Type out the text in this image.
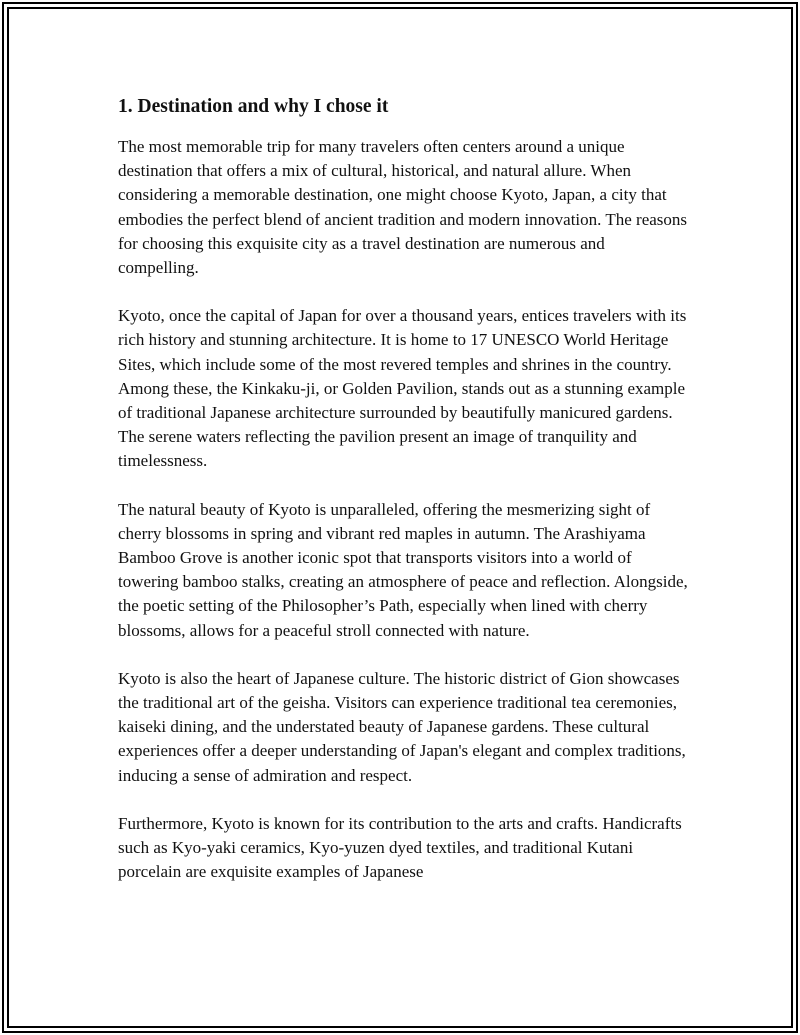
1. Destination and why I chose it

The most memorable trip for many travelers often centers around a unique destination that offers a mix of cultural, historical, and natural allure. When considering a memorable destination, one might choose Kyoto, Japan, a city that embodies the perfect blend of ancient tradition and modern innovation. The reasons for choosing this exquisite city as a travel destination are numerous and compelling.

Kyoto, once the capital of Japan for over a thousand years, entices travelers with its rich history and stunning architecture. It is home to 17 UNESCO World Heritage Sites, which include some of the most revered temples and shrines in the country. Among these, the Kinkaku-ji, or Golden Pavilion, stands out as a stunning example of traditional Japanese architecture surrounded by beautifully manicured gardens. The serene waters reflecting the pavilion present an image of tranquility and timelessness.

The natural beauty of Kyoto is unparalleled, offering the mesmerizing sight of cherry blossoms in spring and vibrant red maples in autumn. The Arashiyama Bamboo Grove is another iconic spot that transports visitors into a world of towering bamboo stalks, creating an atmosphere of peace and reflection. Alongside, the poetic setting of the Philosopher’s Path, especially when lined with cherry blossoms, allows for a peaceful stroll connected with nature.

Kyoto is also the heart of Japanese culture. The historic district of Gion showcases the traditional art of the geisha. Visitors can experience traditional tea ceremonies, kaiseki dining, and the understated beauty of Japanese gardens. These cultural experiences offer a deeper understanding of Japan's elegant and complex traditions, inducing a sense of admiration and respect.

Furthermore, Kyoto is known for its contribution to the arts and crafts. Handicrafts such as Kyo-yaki ceramics, Kyo-yuzen dyed textiles, and traditional Kutani porcelain are exquisite examples of Japanese
